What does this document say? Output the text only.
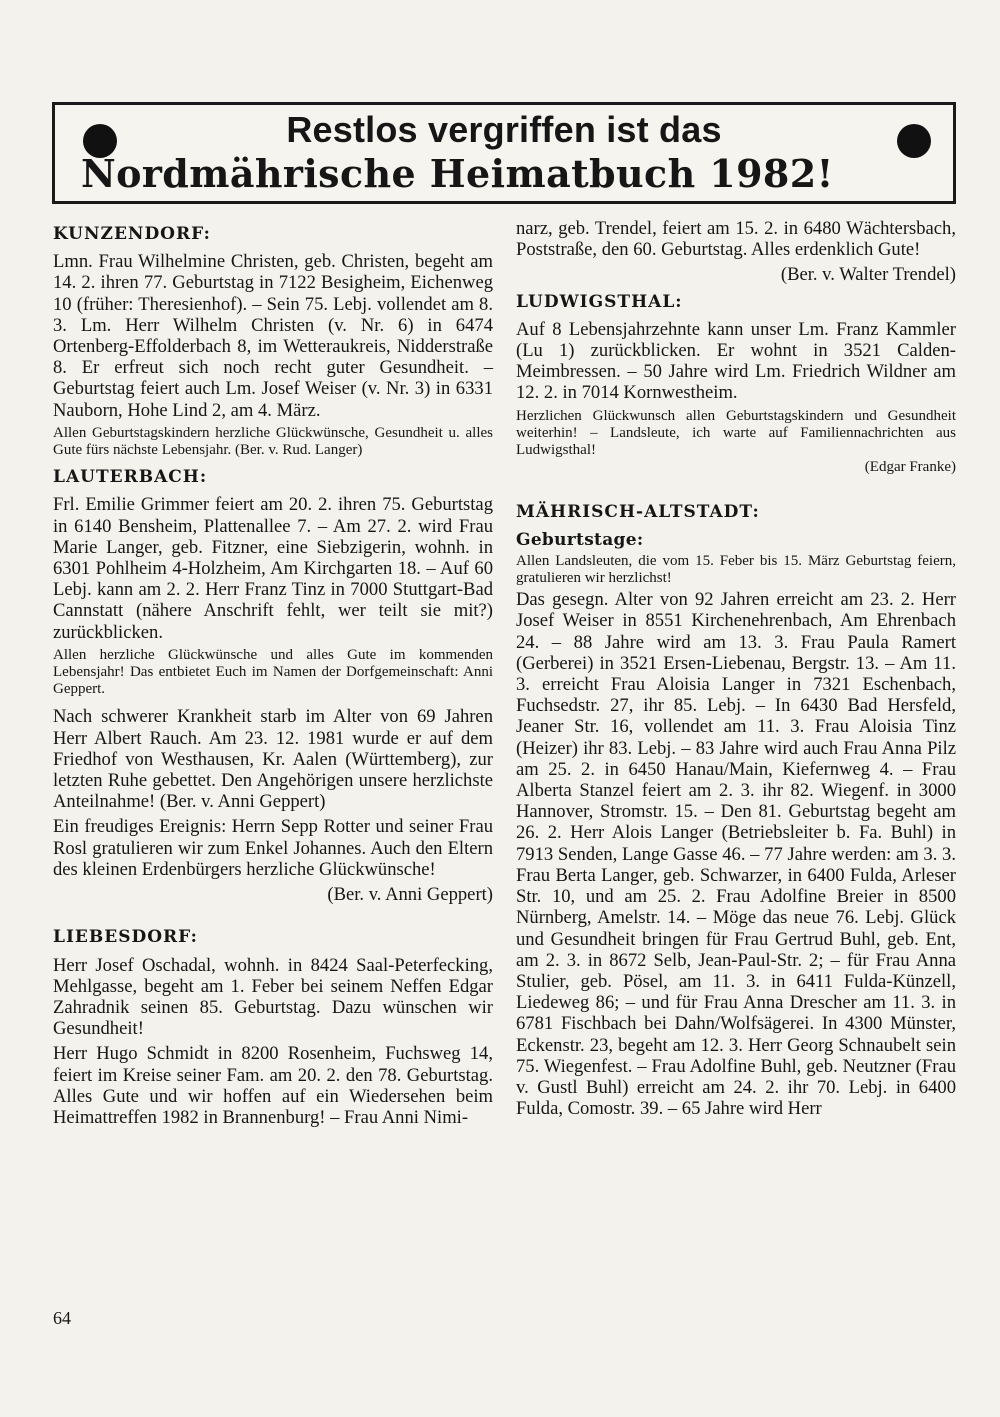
Restlos vergriffen ist das
Nordmährische Heimatbuch 1982!
KUNZENDORF:

Lmn. Frau Wilhelmine Christen, geb. Christen, begeht am 14. 2. ihren 77. Geburtstag in 7122 Besigheim, Eichenweg 10 (früher: Theresienhof). – Sein 75. Lebj. vollendet am 8. 3. Lm. Herr Wilhelm Christen (v. Nr. 6) in 6474 Ortenberg-Effolderbach 8, im Wetteraukreis, Nidderstraße 8. Er erfreut sich noch recht guter Gesundheit. – Geburtstag feiert auch Lm. Josef Weiser (v. Nr. 3) in 6331 Nauborn, Hohe Lind 2, am 4. März.

Allen Geburtstagskindern herzliche Glückwünsche, Gesundheit u. alles Gute fürs nächste Lebensjahr. (Ber. v. Rud. Langer)

LAUTERBACH:

Frl. Emilie Grimmer feiert am 20. 2. ihren 75. Geburtstag in 6140 Bensheim, Plattenallee 7. – Am 27. 2. wird Frau Marie Langer, geb. Fitzner, eine Siebzigerin, wohnh. in 6301 Pohlheim 4-Holzheim, Am Kirchgarten 18. – Auf 60 Lebj. kann am 2. 2. Herr Franz Tinz in 7000 Stuttgart-Bad Cannstatt (nähere Anschrift fehlt, wer teilt sie mit?) zurückblicken.

Allen herzliche Glückwünsche und alles Gute im kommenden Lebensjahr! Das entbietet Euch im Namen der Dorfgemeinschaft: Anni Geppert.

Nach schwerer Krankheit starb im Alter von 69 Jahren Herr Albert Rauch. Am 23. 12. 1981 wurde er auf dem Friedhof von Westhausen, Kr. Aalen (Württemberg), zur letzten Ruhe gebettet. Den Angehörigen unsere herzlichste Anteilnahme! (Ber. v. Anni Geppert)

Ein freudiges Ereignis: Herrn Sepp Rotter und seiner Frau Rosl gratulieren wir zum Enkel Johannes. Auch den Eltern des kleinen Erdenbürgers herzliche Glückwünsche!

(Ber. v. Anni Geppert)

LIEBESDORF:

Herr Josef Oschadal, wohnh. in 8424 Saal-Peterfecking, Mehlgasse, begeht am 1. Feber bei seinem Neffen Edgar Zahradnik seinen 85. Geburtstag. Dazu wünschen wir Gesundheit!

Herr Hugo Schmidt in 8200 Rosenheim, Fuchsweg 14, feiert im Kreise seiner Fam. am 20. 2. den 78. Geburtstag. Alles Gute und wir hoffen auf ein Wiedersehen beim Heimattreffen 1982 in Brannenburg! – Frau Anni Nimi-

narz, geb. Trendel, feiert am 15. 2. in 6480 Wächtersbach, Poststraße, den 60. Geburtstag. Alles erdenklich Gute!

(Ber. v. Walter Trendel)

LUDWIGSTHAL:

Auf 8 Lebensjahrzehnte kann unser Lm. Franz Kammler (Lu 1) zurückblicken. Er wohnt in 3521 Calden-Meimbressen. – 50 Jahre wird Lm. Friedrich Wildner am 12. 2. in 7014 Kornwestheim.

Herzlichen Glückwunsch allen Geburtstagskindern und Gesundheit weiterhin! – Landsleute, ich warte auf Familiennachrichten aus Ludwigsthal!

(Edgar Franke)

MÄHRISCH-ALTSTADT:
Geburtstage:

Allen Landsleuten, die vom 15. Feber bis 15. März Geburtstag feiern, gratulieren wir herzlichst!

Das gesegn. Alter von 92 Jahren erreicht am 23. 2. Herr Josef Weiser in 8551 Kirchenehrenbach, Am Ehrenbach 24. – 88 Jahre wird am 13. 3. Frau Paula Ramert (Gerberei) in 3521 Ersen-Liebenau, Bergstr. 13. – Am 11. 3. erreicht Frau Aloisia Langer in 7321 Eschenbach, Fuchsedstr. 27, ihr 85. Lebj. – In 6430 Bad Hersfeld, Jeaner Str. 16, vollendet am 11. 3. Frau Aloisia Tinz (Heizer) ihr 83. Lebj. – 83 Jahre wird auch Frau Anna Pilz am 25. 2. in 6450 Hanau/Main, Kiefernweg 4. – Frau Alberta Stanzel feiert am 2. 3. ihr 82. Wiegenf. in 3000 Hannover, Stromstr. 15. – Den 81. Geburtstag begeht am 26. 2. Herr Alois Langer (Betriebsleiter b. Fa. Buhl) in 7913 Senden, Lange Gasse 46. – 77 Jahre werden: am 3. 3. Frau Berta Langer, geb. Schwarzer, in 6400 Fulda, Arleser Str. 10, und am 25. 2. Frau Adolfine Breier in 8500 Nürnberg, Amelstr. 14. – Möge das neue 76. Lebj. Glück und Gesundheit bringen für Frau Gertrud Buhl, geb. Ent, am 2. 3. in 8672 Selb, Jean-Paul-Str. 2; – für Frau Anna Stulier, geb. Pösel, am 11. 3. in 6411 Fulda-Künzell, Liedeweg 86; – und für Frau Anna Drescher am 11. 3. in 6781 Fischbach bei Dahn/Wolfsägerei. In 4300 Münster, Eckenstr. 23, begeht am 12. 3. Herr Georg Schnaubelt sein 75. Wiegenfest. – Frau Adolfine Buhl, geb. Neutzner (Frau v. Gustl Buhl) erreicht am 24. 2. ihr 70. Lebj. in 6400 Fulda, Comostr. 39. – 65 Jahre wird Herr

64
